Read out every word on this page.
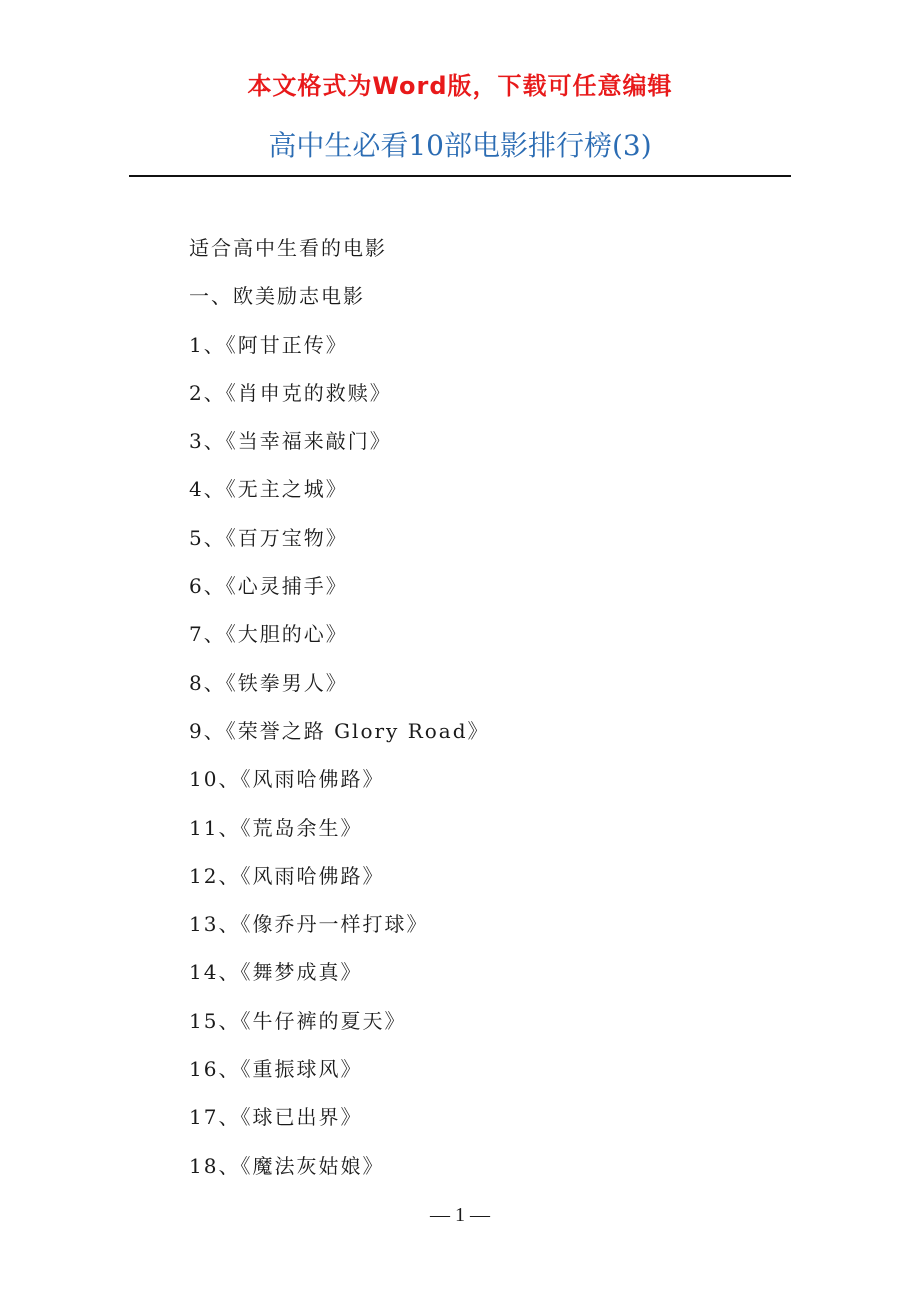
本文格式为Word版，下载可任意编辑
高中生必看10部电影排行榜(3)
适合高中生看的电影
一、欧美励志电影
1、《阿甘正传》
2、《肖申克的救赎》
3、《当幸福来敲门》
4、《无主之城》
5、《百万宝物》
6、《心灵捕手》
7、《大胆的心》
8、《铁拳男人》
9、《荣誉之路 Glory Road》
10、《风雨哈佛路》
11、《荒岛余生》
12、《风雨哈佛路》
13、《像乔丹一样打球》
14、《舞梦成真》
15、《牛仔裤的夏天》
16、《重振球风》
17、《球已出界》
18、《魔法灰姑娘》
— 1 —
